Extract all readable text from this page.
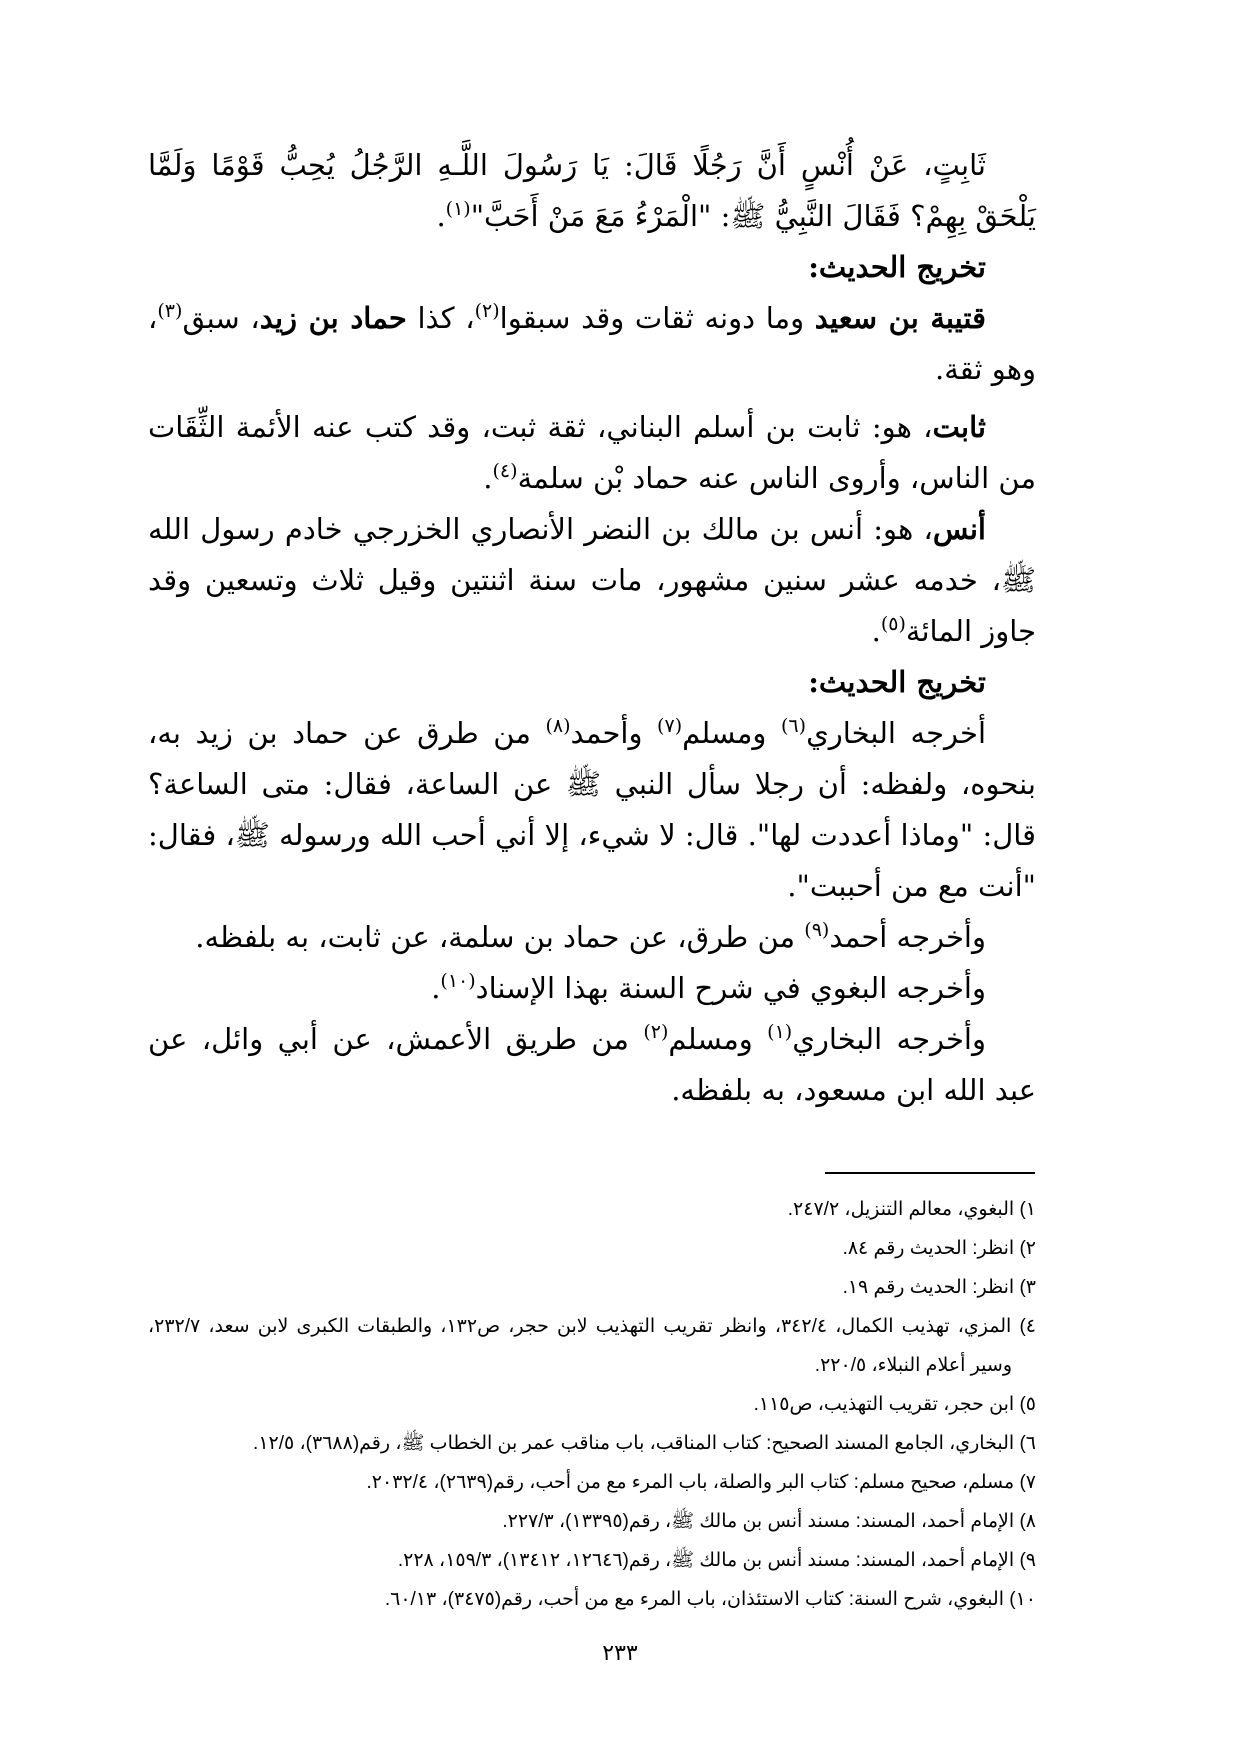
ثَابِتٍ، عَنْ أُنْسٍ أَنَّ رَجُلًا قَالَ: يَا رَسُولَ اللَّـهِ الرَّجُلُ يُحِبُّ قَوْمًا وَلَمَّا يَلْحَقْ بِهِمْ؟ فَقَالَ النَّبِيُّ ﷺ: "الْمَرْءُ مَعَ مَنْ أَحَبَّ"$^{(١)}$.

تخريج الحديث:

قتيبة بن سعيد وما دونه ثقات وقد سبقوا$^{(٢)}$، كذا حماد بن زيد، سبق$^{(٣)}$، وهو ثقة.

ثابت، هو: ثابت بن أسلم البناني، ثقة ثبت، وقد كتب عنه الأئمة الثِّقَات من الناس، وأروى الناس عنه حماد بْن سلمة$^{(٤)}$.

أنس، هو: أنس بن مالك بن النضر الأنصاري الخزرجي خادم رسول الله ﷺ، خدمه عشر سنين مشهور، مات سنة اثنتين وقيل ثلاث وتسعين وقد جاوز المائة$^{(٥)}$.

تخريج الحديث:

أخرجه البخاري$^{(٦)}$ ومسلم$^{(٧)}$ وأحمد$^{(٨)}$ من طرق عن حماد بن زيد به، بنحوه، ولفظه: أن رجلا سأل النبي ﷺ عن الساعة، فقال: متى الساعة؟ قال: "وماذا أعددت لها". قال: لا شيء، إلا أني أحب الله ورسوله ﷺ، فقال: "أنت مع من أحببت".

وأخرجه أحمد$^{(٩)}$ من طرق، عن حماد بن سلمة، عن ثابت، به بلفظه.

وأخرجه البغوي في شرح السنة بهذا الإسناد$^{(١٠)}$.

وأخرجه البخاري$^{(١)}$ ومسلم$^{(٢)}$ من طريق الأعمش، عن أبي وائل، عن عبد الله ابن مسعود، به بلفظه.

١) البغوي، معالم التنزيل، ٢٤٧/٢.

٢) انظر: الحديث رقم ٨٤.

٣) انظر: الحديث رقم ١٩.

٤) المزي، تهذيب الكمال، ٣٤٢/٤، وانظر تقريب التهذيب لابن حجر، ص١٣٢، والطبقات الكبرى لابن سعد، ٢٣٢/٧، وسير أعلام النبلاء، ٢٢٠/٥.

٥) ابن حجر، تقريب التهذيب، ص١١٥.

٦) البخاري، الجامع المسند الصحيح: كتاب المناقب، باب مناقب عمر بن الخطاب ﷺ، رقم(٣٦٨٨)، ١٢/٥.

٧) مسلم، صحيح مسلم: كتاب البر والصلة، باب المرء مع من أحب، رقم(٢٦٣٩)، ٢٠٣٢/٤.

٨) الإمام أحمد، المسند: مسند أنس بن مالك ﷺ، رقم(١٣٣٩٥)، ٢٢٧/٣.

٩) الإمام أحمد، المسند: مسند أنس بن مالك ﷺ، رقم(١٢٦٤٦، ١٣٤١٢)، ١٥٩/٣، ٢٢٨.

١٠) البغوي، شرح السنة: كتاب الاستئذان، باب المرء مع من أحب، رقم(٣٤٧٥)، ٦٠/١٣.

٢٣٣
